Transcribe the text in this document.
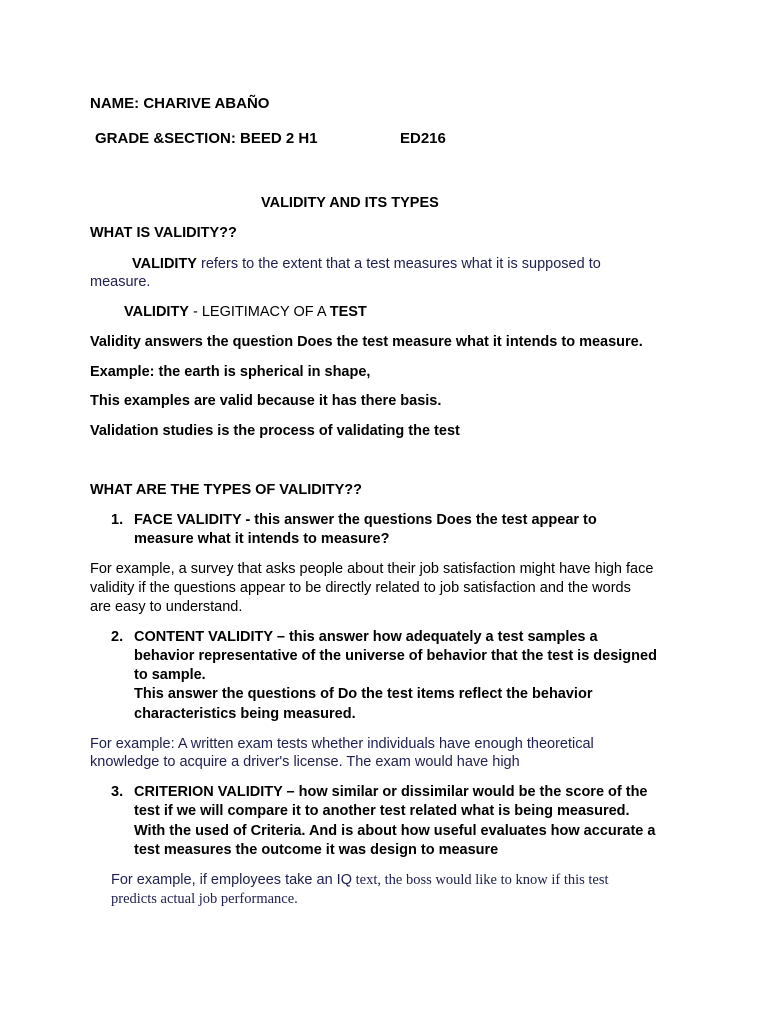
NAME: CHARIVE ABAÑO
GRADE &SECTION: BEED 2 H1	ED216
VALIDITY AND ITS TYPES
WHAT IS VALIDITY??
VALIDITY refers to the extent that a test measures what it is supposed to
measure.
VALIDITY - LEGITIMACY OF A TEST
Validity answers the question Does the test measure what it intends to measure.
Example: the earth is spherical in shape,
This examples are valid because it has there basis.
Validation studies is the process of validating the test
WHAT ARE THE TYPES OF VALIDITY??
1. FACE VALIDITY - this answer the questions Does the test appear to
measure what it intends to measure?
For example, a survey that asks people about their job satisfaction might have high face
validity if the questions appear to be directly related to job satisfaction and the words
are easy to understand.
2. CONTENT VALIDITY – this answer how adequately a test samples a
behavior representative of the universe of behavior that the test is designed
to sample.
This answer the questions of Do the test items reflect the behavior
characteristics being measured.
For example: A written exam tests whether individuals have enough theoretical
knowledge to acquire a driver's license. The exam would have high
3. CRITERION VALIDITY – how similar or dissimilar would be the score of the
test if we will compare it to another test related what is being measured.
With the used of Criteria. And is about how useful evaluates how accurate a
test measures the outcome it was design to measure
For example, if employees take an IQ text, the boss would like to know if this test
predicts actual job performance.
